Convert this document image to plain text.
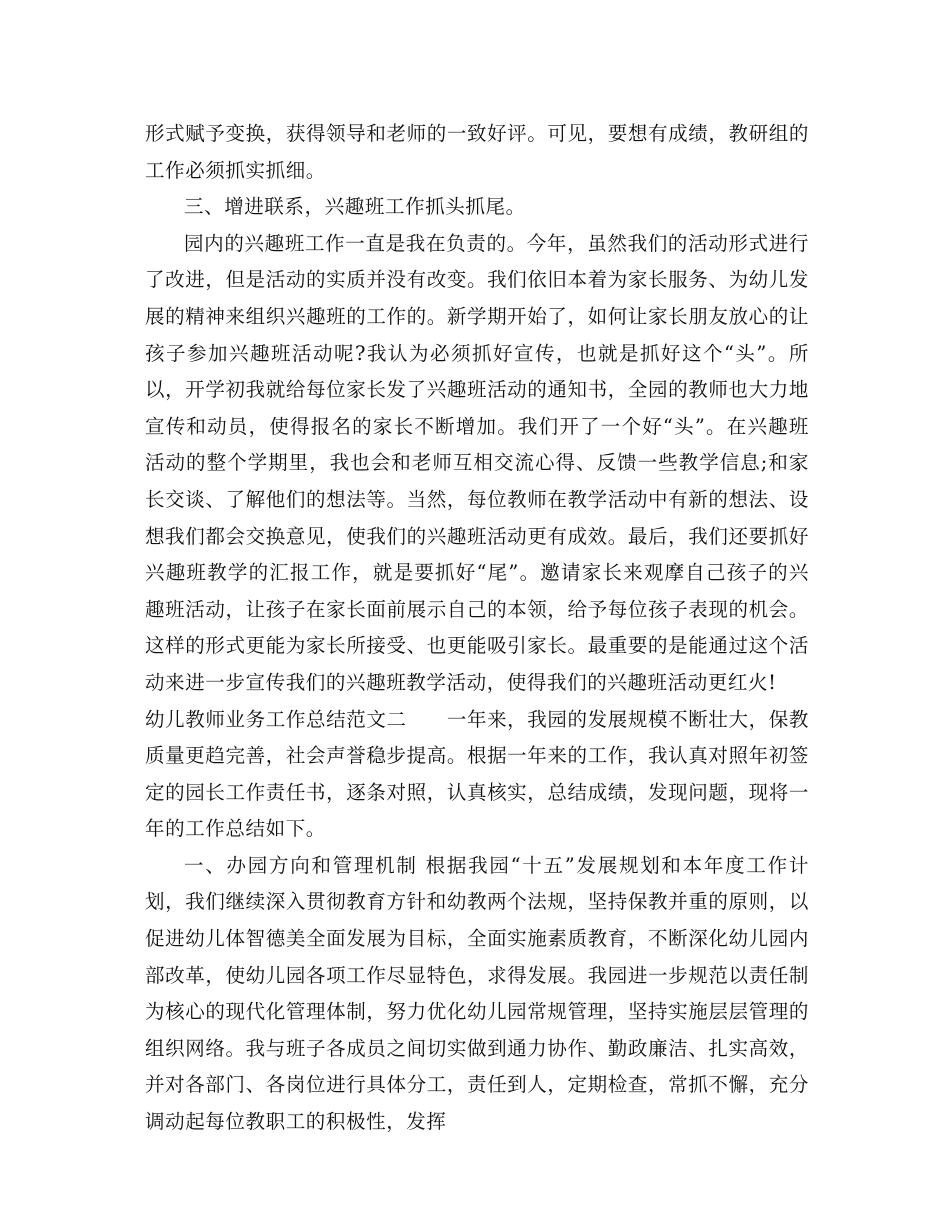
形式赋予变换，获得领导和老师的一致好评。可见，要想有成绩，教研组的工作必须抓实抓细。

三、增进联系，兴趣班工作抓头抓尾。

园内的兴趣班工作一直是我在负责的。今年，虽然我们的活动形式进行了改进，但是活动的实质并没有改变。我们依旧本着为家长服务、为幼儿发展的精神来组织兴趣班的工作的。新学期开始了，如何让家长朋友放心的让孩子参加兴趣班活动呢?我认为必须抓好宣传，也就是抓好这个“头”。所以，开学初我就给每位家长发了兴趣班活动的通知书，全园的教师也大力地宣传和动员，使得报名的家长不断增加。我们开了一个好“头”。在兴趣班活动的整个学期里，我也会和老师互相交流心得、反馈一些教学信息;和家长交谈、了解他们的想法等。当然，每位教师在教学活动中有新的想法、设想我们都会交换意见，使我们的兴趣班活动更有成效。最后，我们还要抓好兴趣班教学的汇报工作，就是要抓好“尾”。邀请家长来观摩自己孩子的兴趣班活动，让孩子在家长面前展示自己的本领，给予每位孩子表现的机会。这样的形式更能为家长所接受、也更能吸引家长。最重要的是能通过这个活动来进一步宣传我们的兴趣班教学活动，使得我们的兴趣班活动更红火!

幼儿教师业务工作总结范文二　　一年来，我园的发展规模不断壮大，保教质量更趋完善，社会声誉稳步提高。根据一年来的工作，我认真对照年初签定的园长工作责任书，逐条对照，认真核实，总结成绩，发现问题，现将一年的工作总结如下。

一、办园方向和管理机制 根据我园“十五”发展规划和本年度工作计划，我们继续深入贯彻教育方针和幼教两个法规，坚持保教并重的原则，以促进幼儿体智德美全面发展为目标，全面实施素质教育，不断深化幼儿园内部改革，使幼儿园各项工作尽显特色，求得发展。我园进一步规范以责任制为核心的现代化管理体制，努力优化幼儿园常规管理，坚持实施层层管理的组织网络。我与班子各成员之间切实做到通力协作、勤政廉洁、扎实高效，并对各部门、各岗位进行具体分工，责任到人，定期检查，常抓不懈，充分调动起每位教职工的积极性，发挥
